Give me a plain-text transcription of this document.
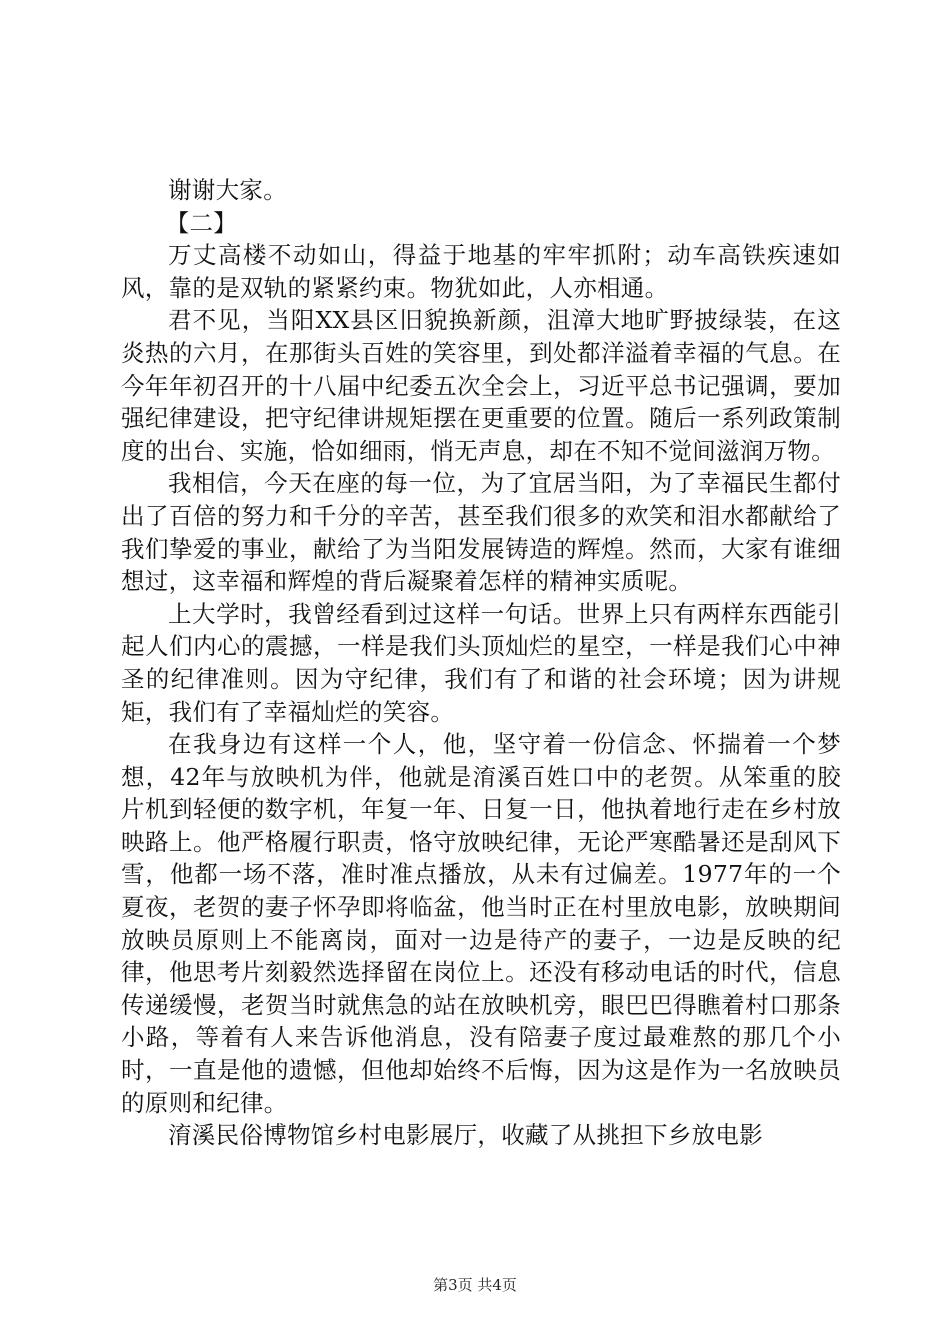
谢谢大家。

【二】

万丈高楼不动如山，得益于地基的牢牢抓附；动车高铁疾速如风，靠的是双轨的紧紧约束。物犹如此，人亦相通。

君不见，当阳XX县区旧貌换新颜，沮漳大地旷野披绿装，在这炎热的六月，在那街头百姓的笑容里，到处都洋溢着幸福的气息。在今年年初召开的十八届中纪委五次全会上，习近平总书记强调，要加强纪律建设，把守纪律讲规矩摆在更重要的位置。随后一系列政策制度的出台、实施，恰如细雨，悄无声息，却在不知不觉间滋润万物。

我相信，今天在座的每一位，为了宜居当阳，为了幸福民生都付出了百倍的努力和千分的辛苦，甚至我们很多的欢笑和泪水都献给了我们挚爱的事业，献给了为当阳发展铸造的辉煌。然而，大家有谁细想过，这幸福和辉煌的背后凝聚着怎样的精神实质呢。

上大学时，我曾经看到过这样一句话。世界上只有两样东西能引起人们内心的震撼，一样是我们头顶灿烂的星空，一样是我们心中神圣的纪律准则。因为守纪律，我们有了和谐的社会环境；因为讲规矩，我们有了幸福灿烂的笑容。

在我身边有这样一个人，他，坚守着一份信念、怀揣着一个梦想，42年与放映机为伴，他就是淯溪百姓口中的老贺。从笨重的胶片机到轻便的数字机，年复一年、日复一日，他执着地行走在乡村放映路上。他严格履行职责，恪守放映纪律，无论严寒酷暑还是刮风下雪，他都一场不落，准时准点播放，从未有过偏差。1977年的一个夏夜，老贺的妻子怀孕即将临盆，他当时正在村里放电影，放映期间放映员原则上不能离岗，面对一边是待产的妻子，一边是反映的纪律，他思考片刻毅然选择留在岗位上。还没有移动电话的时代，信息传递缓慢，老贺当时就焦急的站在放映机旁，眼巴巴得瞧着村口那条小路，等着有人来告诉他消息，没有陪妻子度过最难熬的那几个小时，一直是他的遗憾，但他却始终不后悔，因为这是作为一名放映员的原则和纪律。

淯溪民俗博物馆乡村电影展厅，收藏了从挑担下乡放电影

第3页 共4页
